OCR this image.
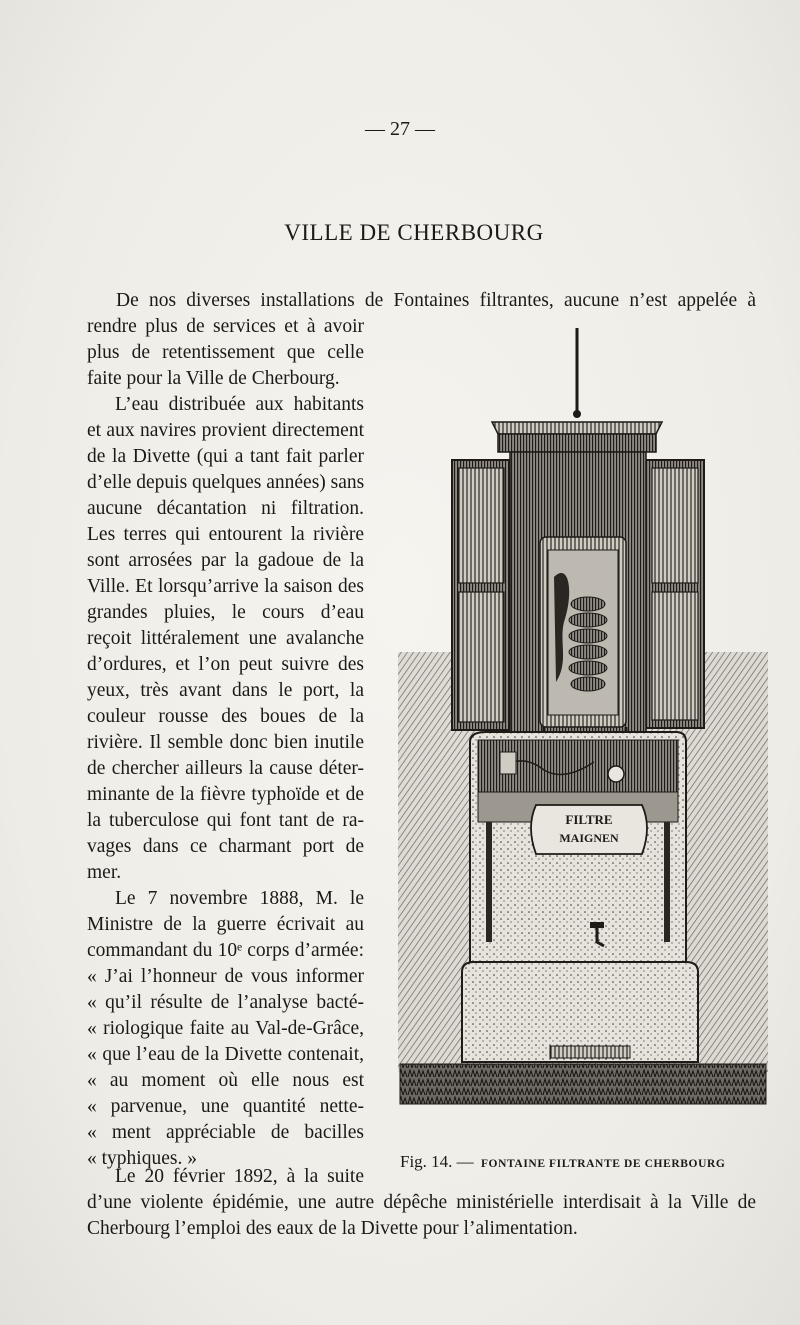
— 27 —
VILLE DE CHERBOURG
De nos diverses installations de Fontaines filtrantes, aucune n’est appelée à
rendre plus de services et à avoir
plus de retentissement que celle
faite pour la Ville de Cherbourg.
L’eau distribuée aux habitants
et aux navires provient directement
de la Divette (qui a tant fait parler
d’elle depuis quelques années) sans
aucune décantation ni filtration.
Les terres qui entourent la rivière
sont arrosées par la gadoue de la
Ville. Et lorsqu’arrive la saison des
grandes pluies, le cours d’eau
reçoit littéralement une avalanche
d’ordures, et l’on peut suivre des
yeux, très avant dans le port, la
couleur rousse des boues de la
rivière. Il semble donc bien inutile
de chercher ailleurs la cause déter-
minante de la fièvre typhoïde et de
la tuberculose qui font tant de ra-
vages dans ce charmant port de
mer.
Le 7 novembre 1888, M. le
Ministre de la guerre écrivait au
commandant du 10ᵉ corps d’armée:
« J’ai l’honneur de vous informer
« qu’il résulte de l’analyse bacté-
« riologique faite au Val-de-Grâce,
« que l’eau de la Divette contenait,
« au moment où elle nous est
« parvenue, une quantité nette-
« ment appréciable de bacilles
« typhiques. »
Le 20 février 1892, à la suite
d’une violente épidémie, une autre dépêche ministérielle interdisait à la Ville de
Cherbourg l’emploi des eaux de la Divette pour l’alimentation.
FILTRE
MAIGNEN
Fig. 14. — FONTAINE FILTRANTE DE CHERBOURG
